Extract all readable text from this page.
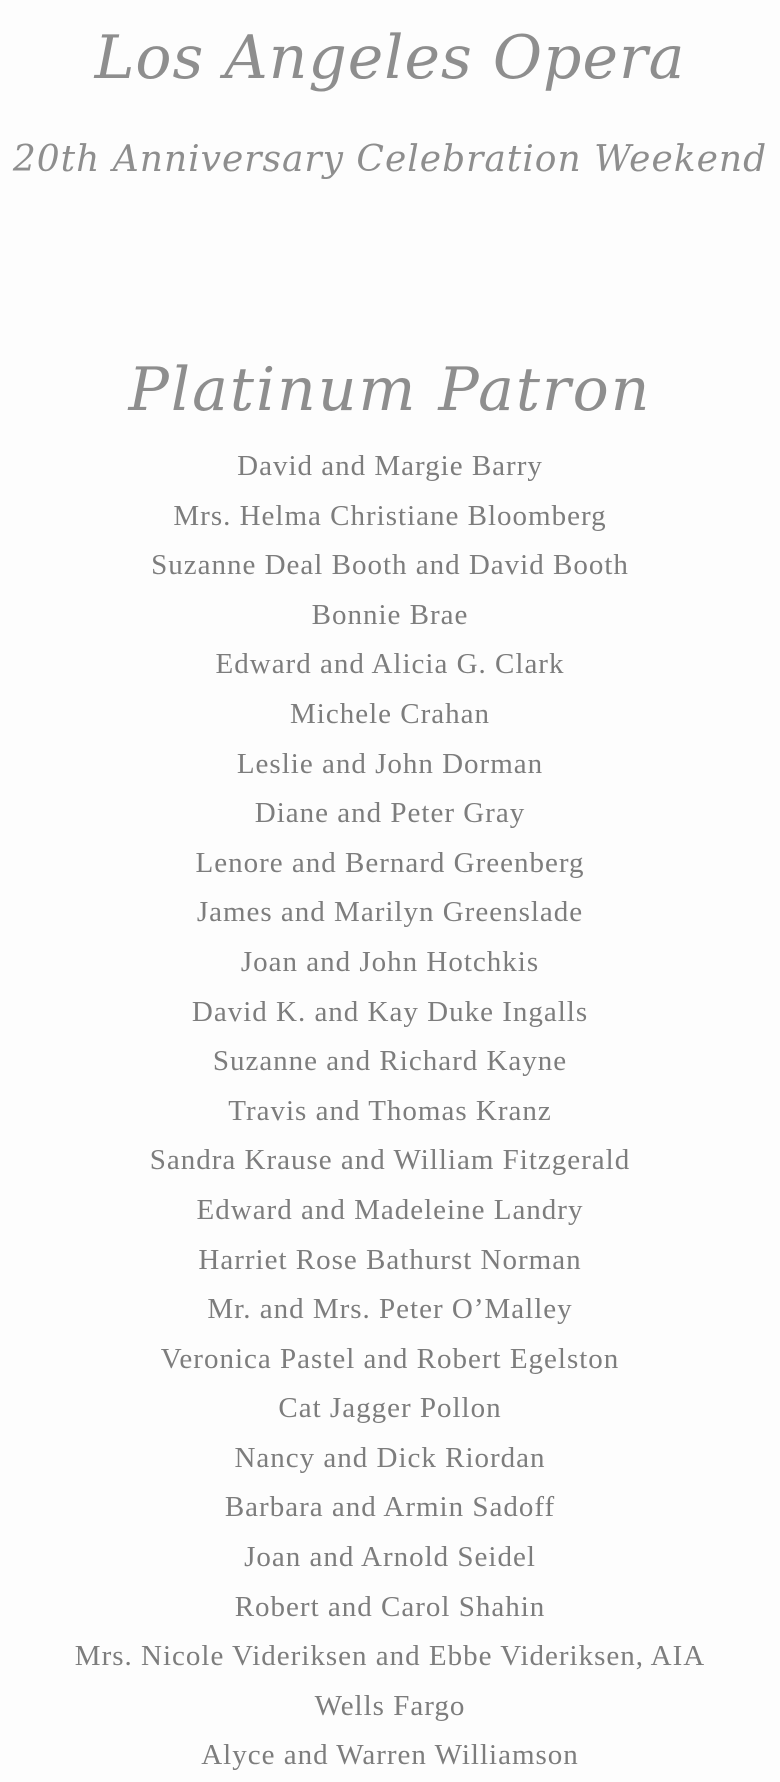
Los Angeles Opera
20th Anniversary Celebration Weekend
Platinum Patron
David and Margie Barry
Mrs. Helma Christiane Bloomberg
Suzanne Deal Booth and David Booth
Bonnie Brae
Edward and Alicia G. Clark
Michele Crahan
Leslie and John Dorman
Diane and Peter Gray
Lenore and Bernard Greenberg
James and Marilyn Greenslade
Joan and John Hotchkis
David K. and Kay Duke Ingalls
Suzanne and Richard Kayne
Travis and Thomas Kranz
Sandra Krause and William Fitzgerald
Edward and Madeleine Landry
Harriet Rose Bathurst Norman
Mr. and Mrs. Peter O’Malley
Veronica Pastel and Robert Egelston
Cat Jagger Pollon
Nancy and Dick Riordan
Barbara and Armin Sadoff
Joan and Arnold Seidel
Robert and Carol Shahin
Mrs. Nicole Videriksen and Ebbe Videriksen, AIA
Wells Fargo
Alyce and Warren Williamson
